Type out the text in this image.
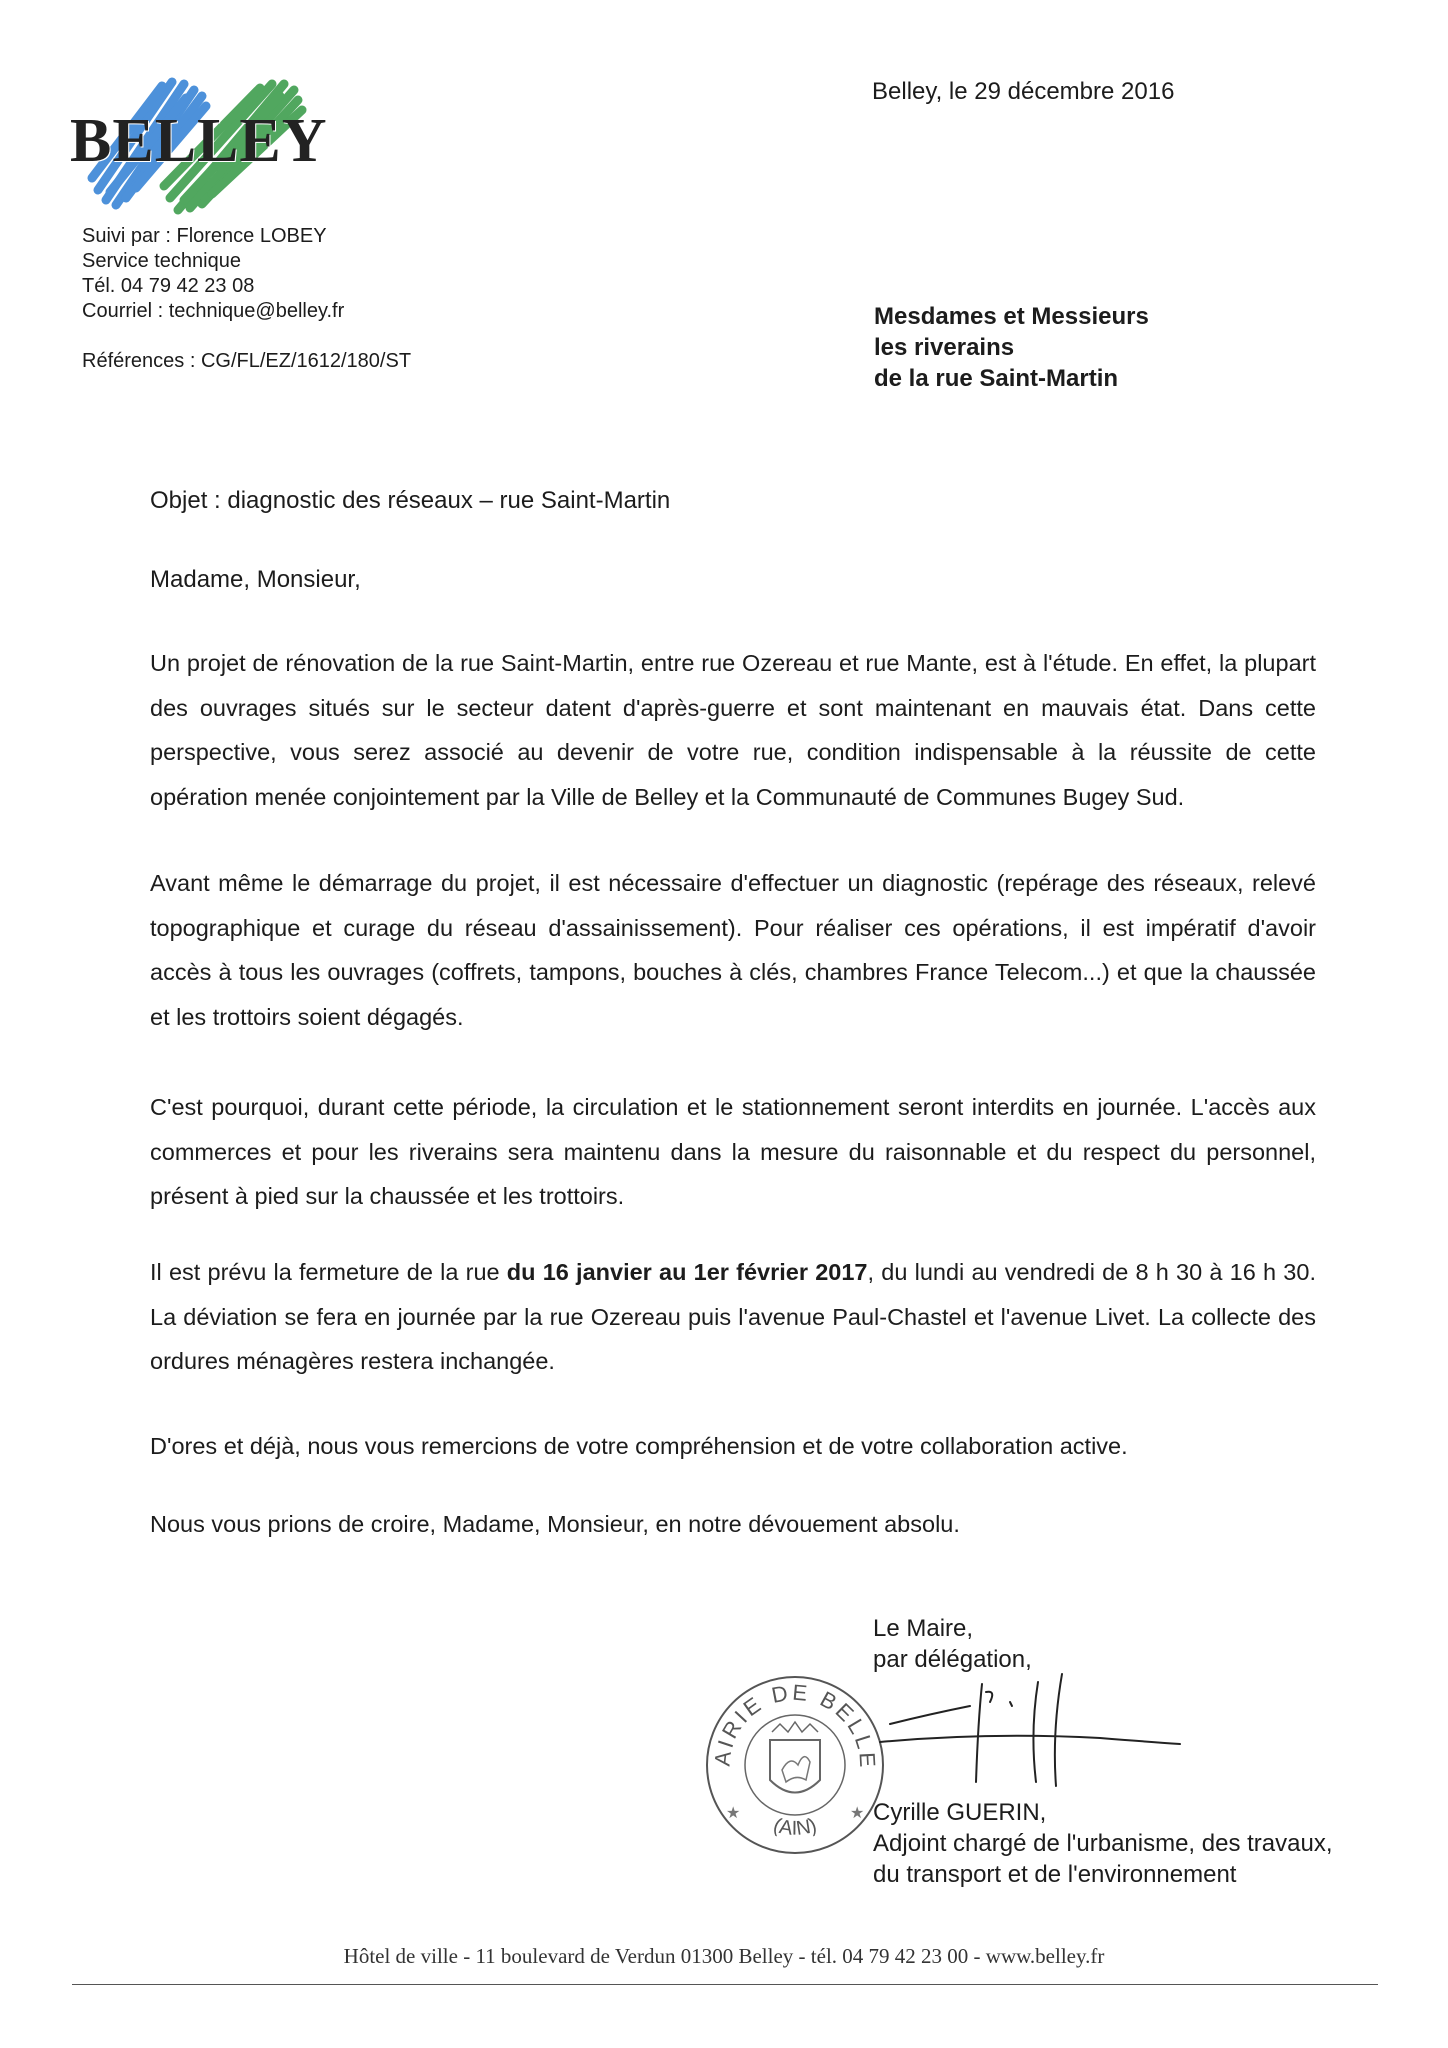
BELLEY
Suivi par : Florence LOBEY
Service technique
Tél. 04 79 42 23 08
Courriel : technique@belley.fr
Références : CG/FL/EZ/1612/180/ST
Belley, le 29 décembre 2016
Mesdames et Messieurs
les riverains
de la rue Saint-Martin
Objet : diagnostic des réseaux – rue Saint-Martin
Madame, Monsieur,

Un projet de rénovation de la rue Saint-Martin, entre rue Ozereau et rue Mante, est à l'étude. En effet, la plupart des ouvrages situés sur le secteur datent d'après-guerre et sont maintenant en mauvais état. Dans cette perspective, vous serez associé au devenir de votre rue, condition indispensable à la réussite de cette opération menée conjointement par la Ville de Belley et la Communauté de Communes Bugey Sud.

Avant même le démarrage du projet, il est nécessaire d'effectuer un diagnostic (repérage des réseaux, relevé topographique et curage du réseau d'assainissement). Pour réaliser ces opérations, il est impératif d'avoir accès à tous les ouvrages (coffrets, tampons, bouches à clés, chambres France Telecom...) et que la chaussée et les trottoirs soient dégagés.

C'est pourquoi, durant cette période, la circulation et le stationnement seront interdits en journée. L'accès aux commerces et pour les riverains sera maintenu dans la mesure du raisonnable et du respect du personnel, présent à pied sur la chaussée et les trottoirs.

Il est prévu la fermeture de la rue du 16 janvier au 1er février 2017, du lundi au vendredi de 8 h 30 à 16 h 30. La déviation se fera en journée par la rue Ozereau puis l'avenue Paul-Chastel et l'avenue Livet. La collecte des ordures ménagères restera inchangée.

D'ores et déjà, nous vous remercions de votre compréhension et de votre collaboration active.

Nous vous prions de croire, Madame, Monsieur, en notre dévouement absolu.

Le Maire,
par délégation,
AIRIE DE BELLE
(AIN)
★	★ Cyrille GUERIN,
Adjoint chargé de l'urbanisme, des travaux,
du transport et de l'environnement
Hôtel de ville - 11 boulevard de Verdun 01300 Belley - tél. 04 79 42 23 00 - www.belley.fr
